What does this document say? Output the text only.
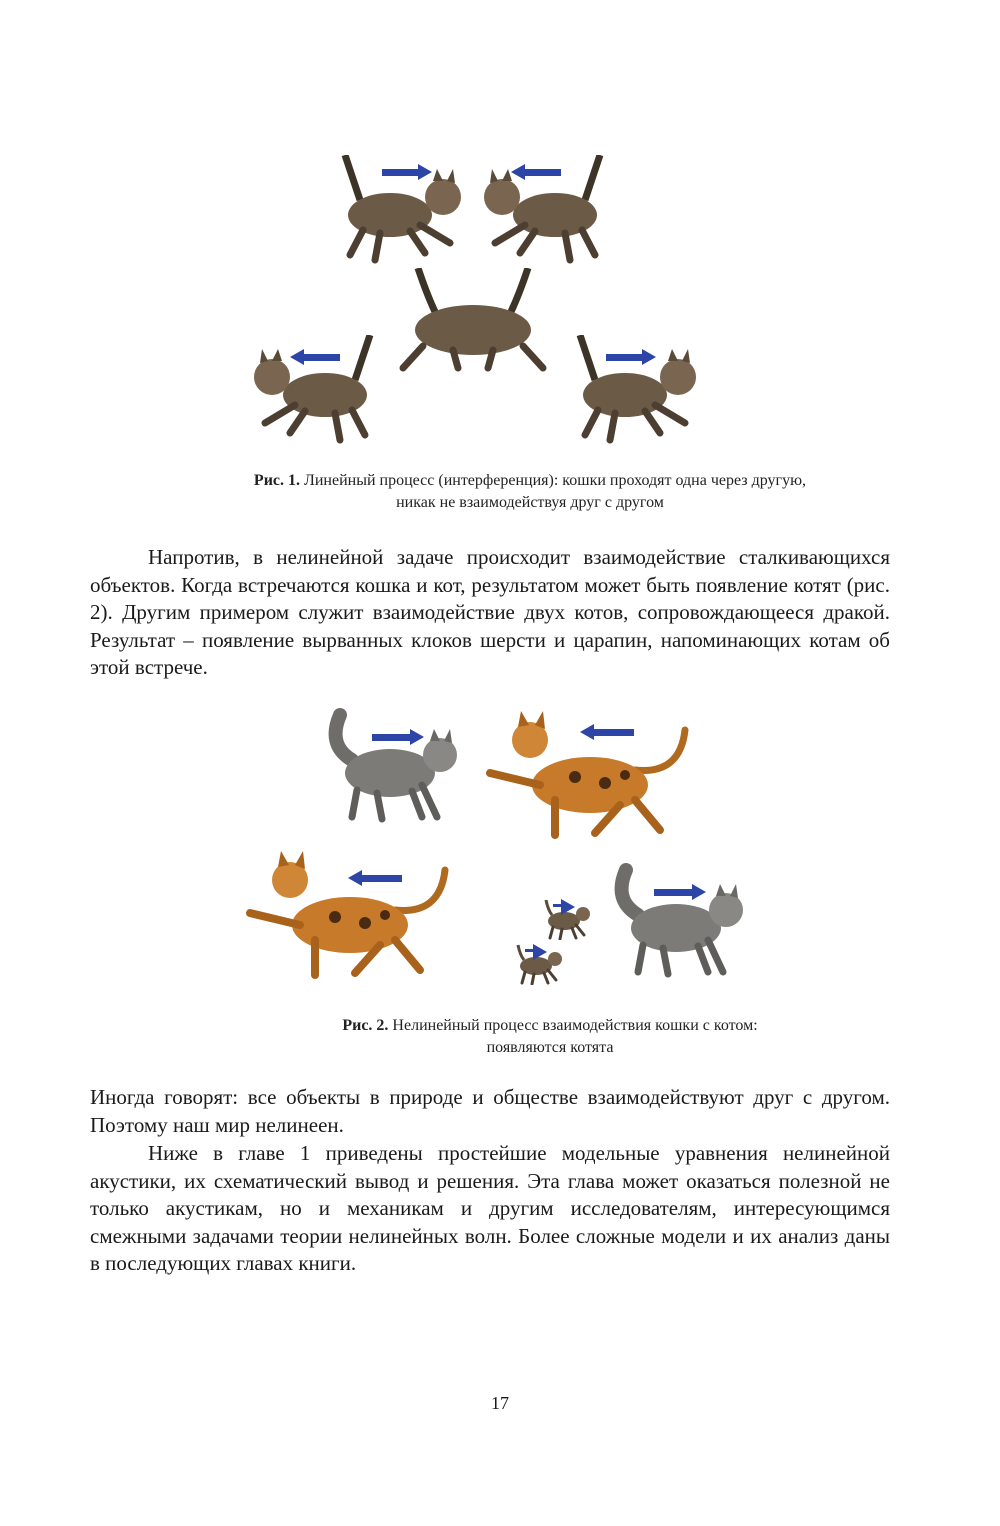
Рис. 1. Линейный процесс (интерференция): кошки проходят одна через другую,
никак не взаимодействуя друг с другом

Напротив, в нелинейной задаче происходит взаимодействие сталкивающихся объектов. Когда встречаются кошка и кот, результатом может быть появление котят (рис. 2). Другим примером служит взаимодействие двух котов, сопровождающееся дракой. Результат – появление вырванных клоков шерсти и царапин, напоминающих котам об этой встрече.

Рис. 2. Нелинейный процесс взаимодействия кошки с котом:
появляются котята

Иногда говорят: все объекты в природе и обществе взаимодействуют друг с другом. Поэтому наш мир нелинеен.

Ниже в главе 1 приведены простейшие модельные уравнения нелинейной акустики, их схематический вывод и решения. Эта глава может оказаться полезной не только акустикам, но и механикам и другим исследователям, интересующимся смежными задачами теории нелинейных волн. Более сложные модели и их анализ даны в последующих главах книги.

17
